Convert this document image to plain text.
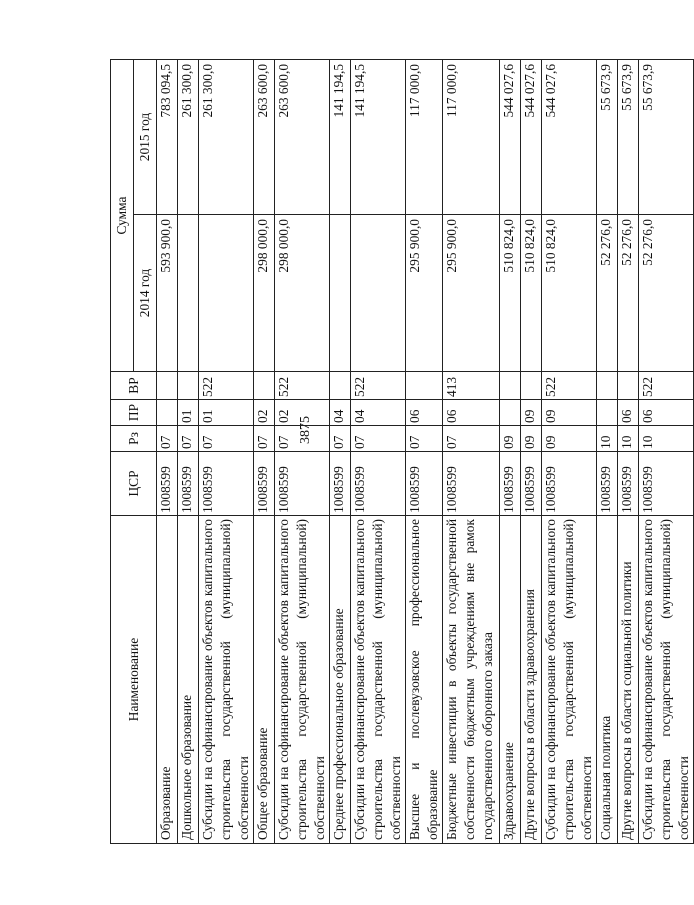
3875
Наименование	ЦСР	Рз	ПР	ВР	Сумма	
					2014 год	2015 год
Образование	1008599	07			593 900,0	783 094,5
Дошкольное образование	1008599	07	01			261 300,0
Субсидии на софинансирование объектов капитального строительства государственной (муниципальной) собственности	1008599	07	01	522		261 300,0
Общее образование	1008599	07	02		298 000,0	263 600,0
Субсидии на софинансирование объектов капитального строительства государственной (муниципальной) собственности	1008599	07	02	522	298 000,0	263 600,0
Среднее профессиональное образование	1008599	07	04			141 194,5
Субсидии на софинансирование объектов капитального строительства государственной (муниципальной) собственности	1008599	07	04	522		141 194,5
Высшее и послевузовское профессиональное образование	1008599	07	06		295 900,0	117 000,0
Бюджетные инвестиции в объекты государственной собственности бюджетным учреждениям вне рамок государственного оборонного заказа	1008599	07	06	413	295 900,0	117 000,0
Здравоохранение	1008599	09			510 824,0	544 027,6
Другие вопросы в области здравоохранения	1008599	09	09		510 824,0	544 027,6
Субсидии на софинансирование объектов капитального строительства государственной (муниципальной) собственности	1008599	09	09	522	510 824,0	544 027,6
Социальная политика	1008599	10			52 276,0	55 673,9
Другие вопросы в области социальной политики	1008599	10	06		52 276,0	55 673,9
Субсидии на софинансирование объектов капитального строительства государственной (муниципальной) собственности	1008599	10	06	522	52 276,0	55 673,9
